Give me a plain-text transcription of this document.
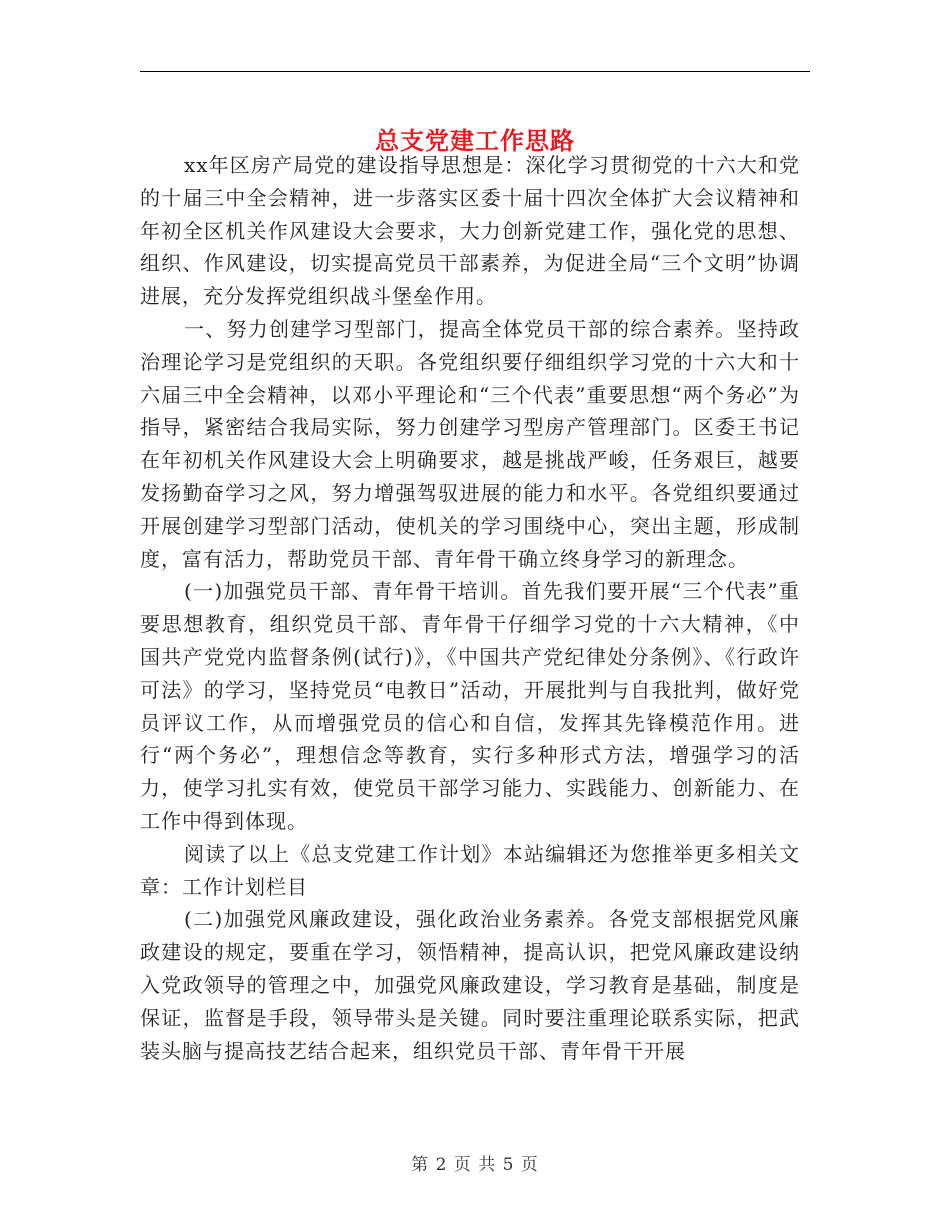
总支党建工作思路

xx年区房产局党的建设指导思想是：深化学习贯彻党的十六大和党的十届三中全会精神，进一步落实区委十届十四次全体扩大会议精神和年初全区机关作风建设大会要求，大力创新党建工作，强化党的思想、组织、作风建设，切实提高党员干部素养，为促进全局“三个文明”协调进展，充分发挥党组织战斗堡垒作用。

一、努力创建学习型部门，提高全体党员干部的综合素养。坚持政治理论学习是党组织的天职。各党组织要仔细组织学习党的十六大和十六届三中全会精神，以邓小平理论和“三个代表”重要思想“两个务必”为指导，紧密结合我局实际，努力创建学习型房产管理部门。区委王书记在年初机关作风建设大会上明确要求，越是挑战严峻，任务艰巨，越要发扬勤奋学习之风，努力增强驾驭进展的能力和水平。各党组织要通过开展创建学习型部门活动，使机关的学习围绕中心，突出主题，形成制度，富有活力，帮助党员干部、青年骨干确立终身学习的新理念。

(一)加强党员干部、青年骨干培训。首先我们要开展“三个代表”重要思想教育，组织党员干部、青年骨干仔细学习党的十六大精神，《中国共产党党内监督条例(试行)》，《中国共产党纪律处分条例》、《行政许可法》的学习，坚持党员“电教日”活动，开展批判与自我批判，做好党员评议工作，从而增强党员的信心和自信，发挥其先锋模范作用。进行“两个务必”，理想信念等教育，实行多种形式方法，增强学习的活力，使学习扎实有效，使党员干部学习能力、实践能力、创新能力、在工作中得到体现。

阅读了以上《总支党建工作计划》本站编辑还为您推举更多相关文章：工作计划栏目

(二)加强党风廉政建设，强化政治业务素养。各党支部根据党风廉政建设的规定，要重在学习，领悟精神，提高认识，把党风廉政建设纳入党政领导的管理之中，加强党风廉政建设，学习教育是基础，制度是保证，监督是手段，领导带头是关键。同时要注重理论联系实际，把武装头脑与提高技艺结合起来，组织党员干部、青年骨干开展

第 2 页 共 5 页
